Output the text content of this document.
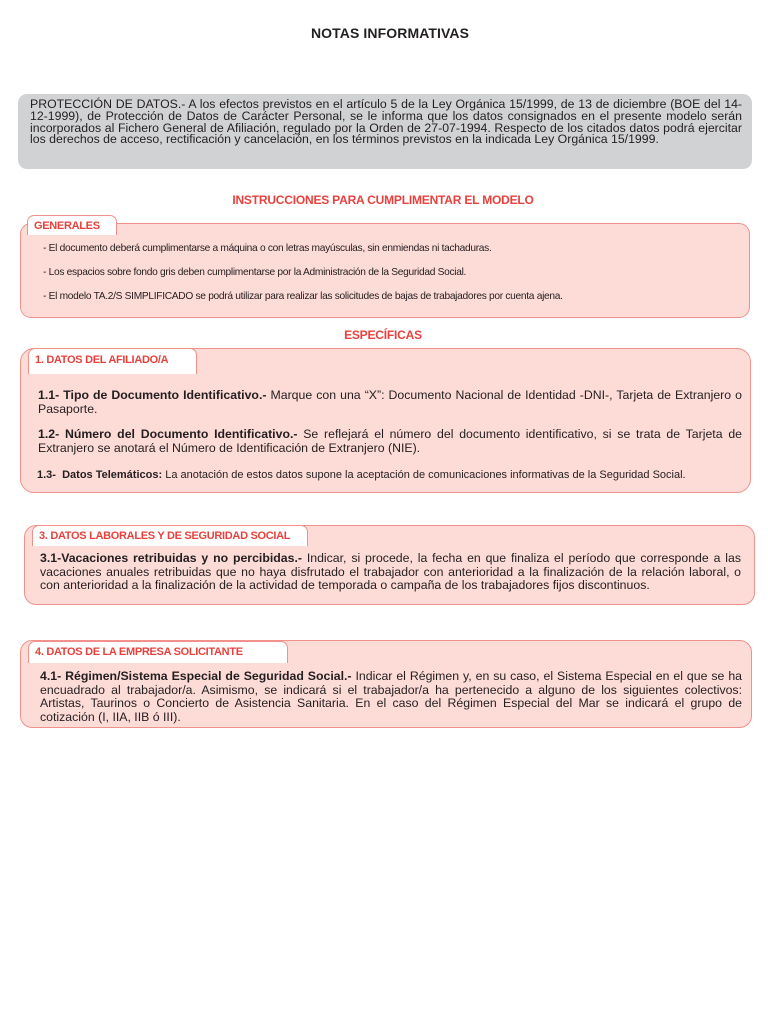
NOTAS INFORMATIVAS
PROTECCIÓN DE DATOS.- A los efectos previstos en el artículo 5 de la Ley Orgánica 15/1999, de 13 de diciembre (BOE del 14-12-1999), de Protección de Datos de Carácter Personal, se le informa que los datos consignados en el presente modelo serán incorporados al Fichero General de Afiliación, regulado por la Orden de 27-07-1994. Respecto de los citados datos podrá ejercitar los derechos de acceso, rectificación y cancelación, en los términos previstos en la indicada Ley Orgánica 15/1999.
INSTRUCCIONES PARA CUMPLIMENTAR EL MODELO
GENERALES
- El documento deberá cumplimentarse a máquina o con letras mayúsculas, sin enmiendas ni tachaduras.
- Los espacios sobre fondo gris deben cumplimentarse por la Administración de la Seguridad Social.
- El modelo TA.2/S SIMPLIFICADO se podrá utilizar para realizar las solicitudes de bajas de trabajadores por cuenta ajena.
ESPECÍFICAS
1. DATOS DEL AFILIADO/A
1.1- Tipo de Documento Identificativo.- Marque con una “X”: Documento Nacional de Identidad -DNI-, Tarjeta de Extranjero o Pasaporte.
1.2- Número del Documento Identificativo.- Se reflejará el número del documento identificativo, si se trata de Tarjeta de Extranjero se anotará el Número de Identificación de Extranjero (NIE).
1.3- Datos Telemáticos: La anotación de estos datos supone la aceptación de comunicaciones informativas de la Seguridad Social.
3. DATOS LABORALES Y DE SEGURIDAD SOCIAL
3.1-Vacaciones retribuidas y no percibidas.- Indicar, si procede, la fecha en que finaliza el período que corresponde a las vacaciones anuales retribuidas que no haya disfrutado el trabajador con anterioridad a la finalización de la relación laboral, o con anterioridad a la finalización de la actividad de temporada o campaña de los trabajadores fijos discontinuos.
4. DATOS DE LA EMPRESA SOLICITANTE
4.1- Régimen/Sistema Especial de Seguridad Social.- Indicar el Régimen y, en su caso, el Sistema Especial en el que se ha encuadrado al trabajador/a. Asimismo, se indicará si el trabajador/a ha pertenecido a alguno de los siguientes colectivos: Artistas, Taurinos o Concierto de Asistencia Sanitaria. En el caso del Régimen Especial del Mar se indicará el grupo de cotización (I, IIA, IIB ó III).
